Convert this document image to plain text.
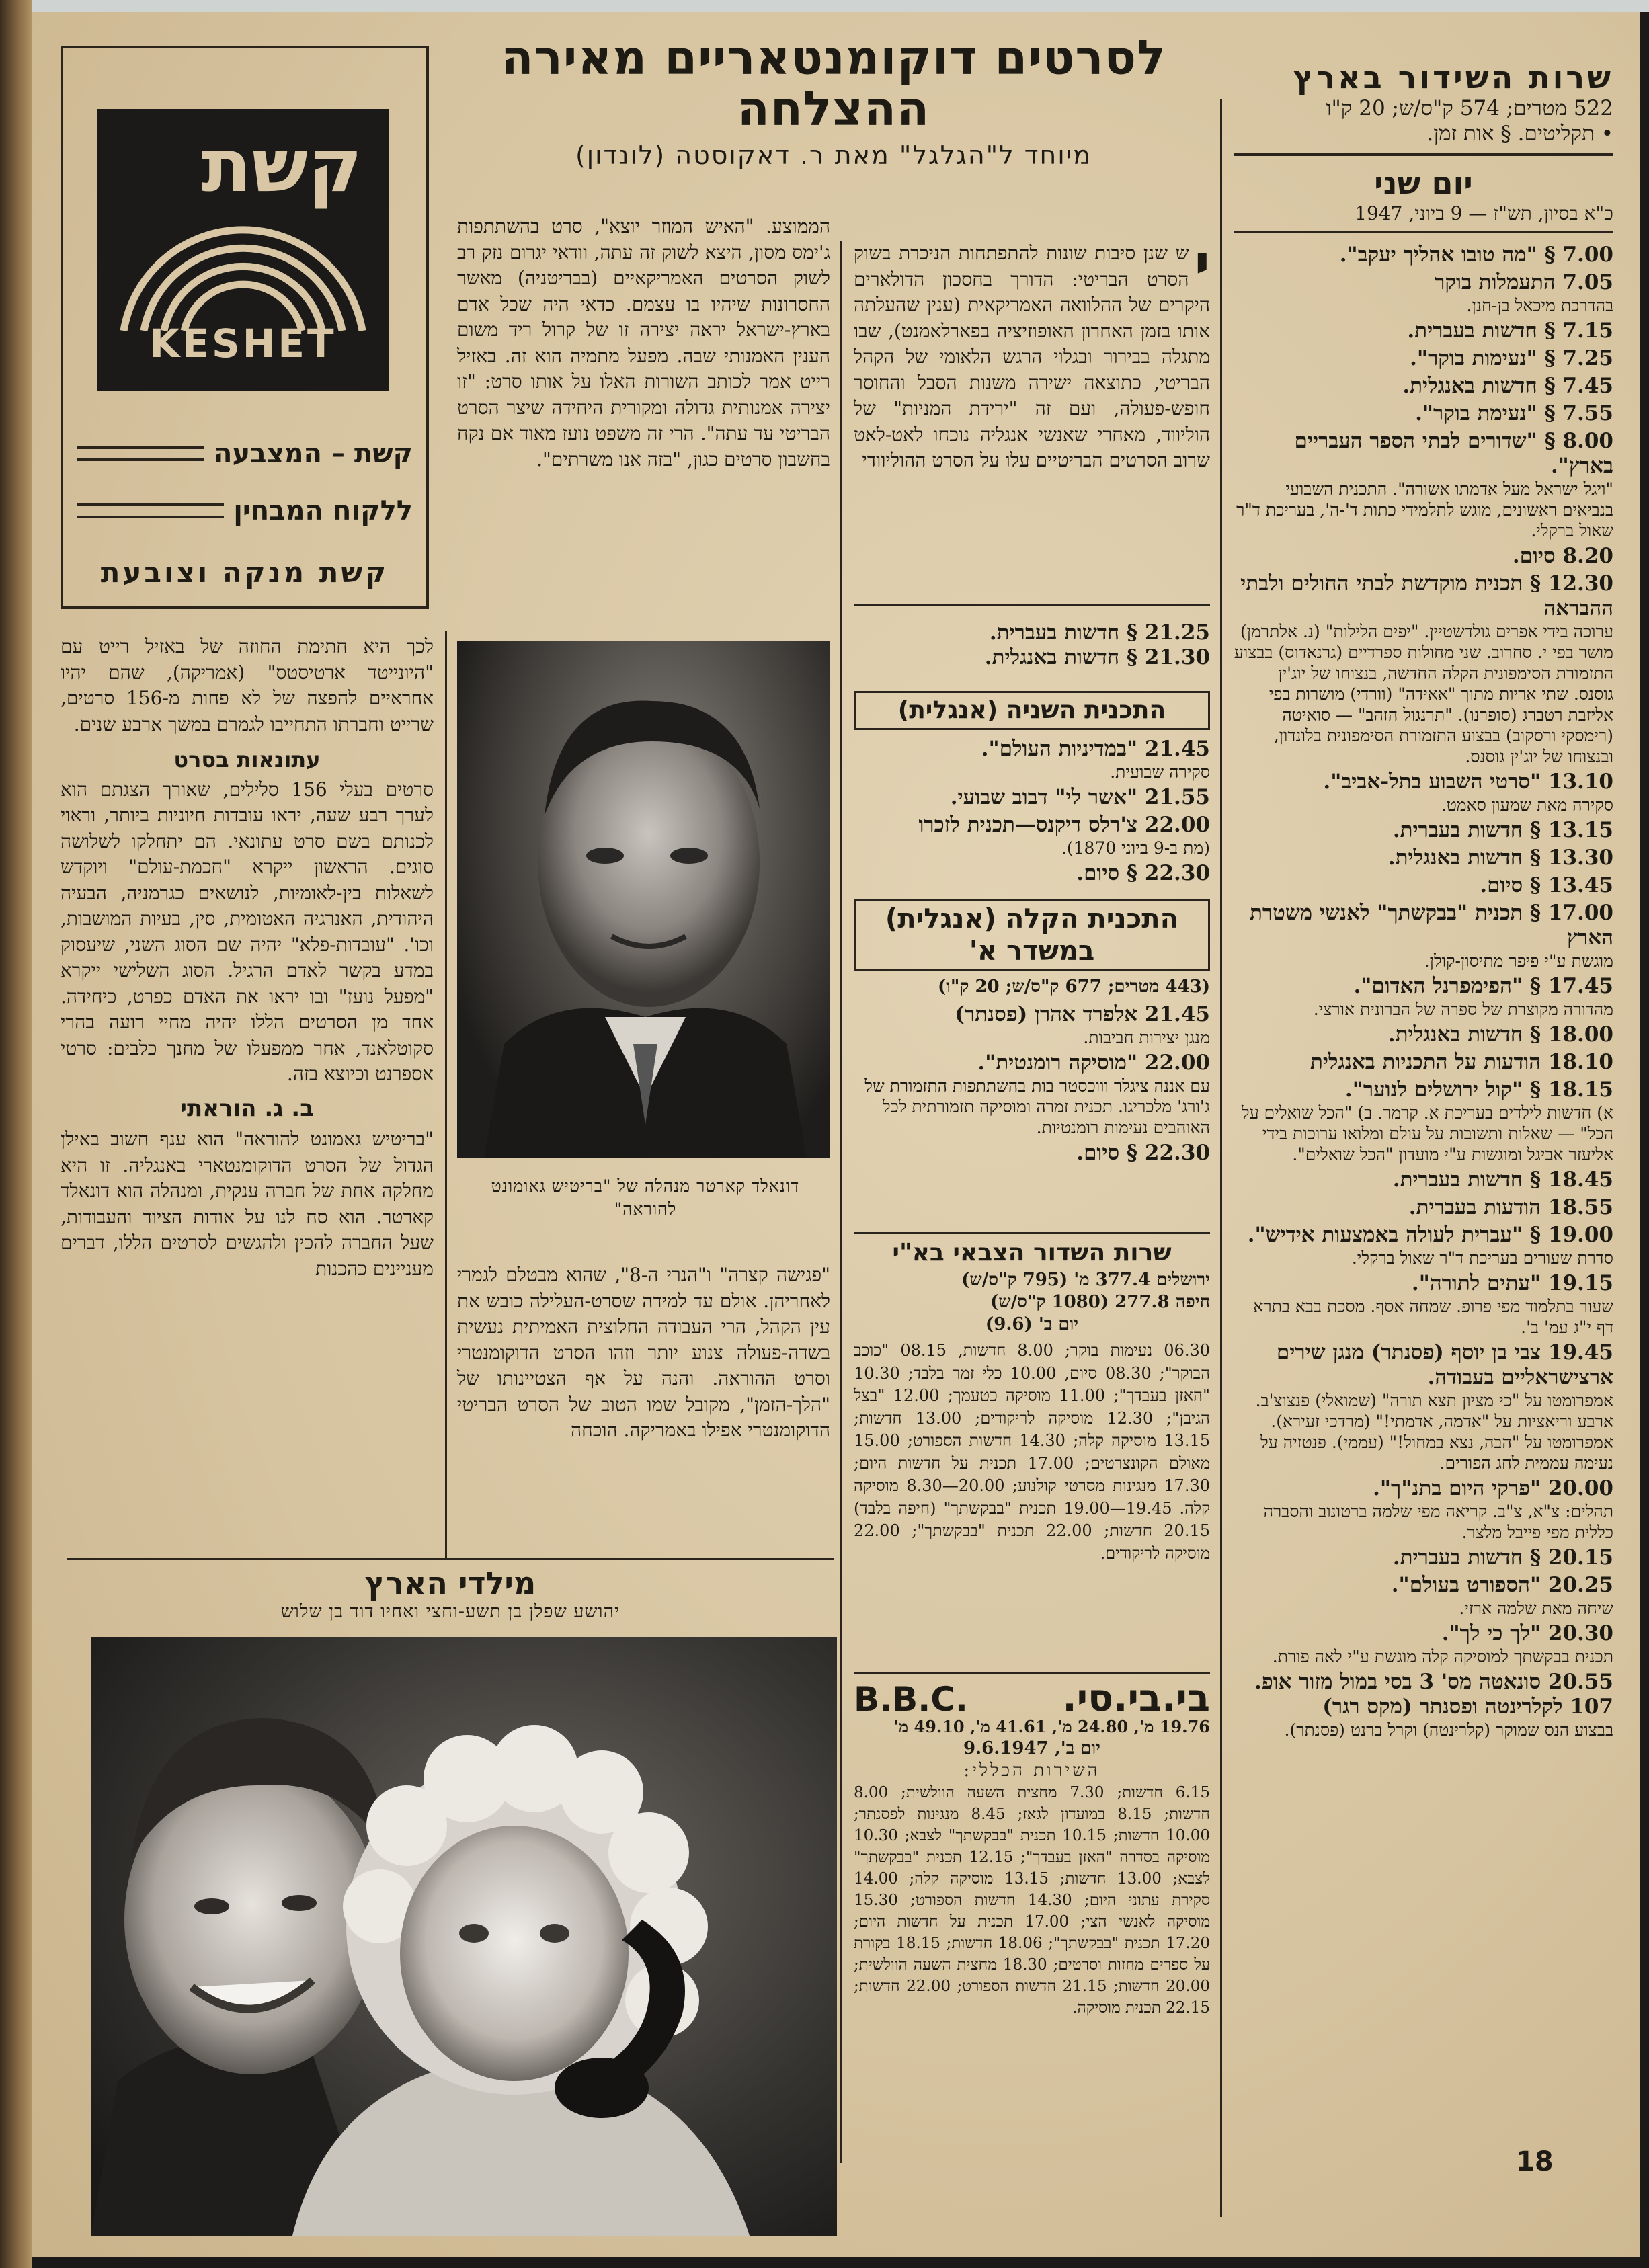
שרות השידור בארץ
522 מטרים; 574 ק"ס/ש; 20 ק"ו
• תקליטים. § אות זמן.
יום שני
כ"א בסיון, תש"ז — 9 ביוני, 1947
7.00 § "מה טובו אהליך יעקב".
7.05 התעמלות בוקר
בהדרכת מיכאל בן-חנן.
7.15 § חדשות בעברית.
7.25 § "נעימות בוקר".
7.45 § חדשות באנגלית.
7.55 § "נעימת בוקר".
8.00 § "שדורים לבתי הספר העבריים בארץ".
"ויגל ישראל מעל אדמתו אשורה". התכנית השבועי בנביאים ראשונים, מוגש לתלמידי כתות ד'-ה', בעריכת ד"ר שאול ברקלי.
8.20 סיום.
12.30 § תכנית מוקדשת לבתי החולים ולבתי ההבראה
ערוכה בידי אפרים גולדשטיין. "יפים הלילות" (נ. אלתרמן) מושר בפי י. סחרוב. שני מחולות ספרדיים (גרנאדוס) בבצוע התזמורת הסימפונית הקלה החדשה, בנצוחו של יוג'ין גוסנס. שתי אריות מתוך "אאידה" (וורדי) מושרות בפי אליזבת רטברג (סופרנו). "תרנגול הזהב" — סואיטה (רימסקי ורסקוב) בבצוע התזמורת הסימפונית בלונדון, ובנצוחו של יוג'ין גוסנס.
13.10 "סרטי השבוע בתל-אביב".
סקירה מאת שמעון סאמט.
13.15 § חדשות בעברית.
13.30 § חדשות באנגלית.
13.45 § סיום.
17.00 § תכנית "בבקשתך" לאנשי משטרת הארץ
מוגשת ע"י פיפר מתיסון-קולן.
17.45 § "הפימפרנל האדום".
מהדורה מקוצרת של ספרה של הברונית אורצי.
18.00 § חדשות באנגלית.
18.10 הודעות על התכניות באנגלית
18.15 § "קול ירושלים לנוער".
א) חדשות לילדים בעריכת א. קרמר. ב) "הכל שואלים על הכל" — שאלות ותשובות על עולם ומלואו ערוכות בידי אליעזר אביגל ומוגשות ע"י מועדון "הכל שואלים".
18.45 § חדשות בעברית.
18.55 הודעות בעברית.
19.00 § "עברית לעולה באמצעות אידיש".
סדרת שעורים בעריכת ד"ר שאול ברקלי.
19.15 "עתים לתורה".
שעור בתלמוד מפי פרופ. שמחה אסף. מסכת בבא בתרא דף י"ג עמ' ב'.
19.45 צבי בן יוסף (פסנתר) מנגן שירים ארצישראליים בעבודה.
אמפרומטו על "כי מציון תצא תורה" (שמואלי) פנצוצ'ב. ארבע וריאציות על "אדמה, אדמתי!" (מרדכי זעירא). אמפרומטו על "הבה, נצא במחול!" (עממי). פנטזיה על נעימה עממית לחג הפורים.
20.00 "פרקי היום בתנ"ך".
תהלים: צ"א, צ"ב. קריאה מפי שלמה ברטונוב והסברה כללית מפי פייבל מלצר.
20.15 § חדשות בעברית.
20.25 "הספורט בעולם".
שיחה מאת שלמה ארזי.
20.30 "לך כי לך".
תכנית בבקשתך למוסיקה קלה מוגשת ע"י לאה פורת.
20.55 סונאטה מס' 3 בסי במול מזור אופ. 107 לקלרינטה ופסנתר (מקס רגר)
בבצוע הנס שמוקר (קלרינטה) וקרל ברנט (פסנתר).
לסרטים דוקומנטאריים מאירה ההצלחה
מיוחד ל"הגלגל" מאת ר. דאקוסטה (לונדון)
י
ש שנן סיבות שונות להתפתחות הניכרת בשוק הסרט הבריטי: הדורך בחסכון הדולארים היקרים של ההלוואה האמריקאית (ענין שהעלתה אותו בזמן האחרון האופוזיציה בפארלאמנט), שבו מתגלה בבירור ובגלוי הרגש הלאומי של הקהל הבריטי, כתוצאה ישירה משנות הסבל והחוסר חופש-פעולה, ועם זה "ירידת המניות" של הוליווד, מאחרי שאנשי אנגליה נוכחו לאט-לאט שרוב הסרטים הבריטיים עלו על הסרט ההוליוודי
21.25 § חדשות בעברית.
21.30 § חדשות באנגלית.
התכנית השניה (אנגלית)
21.45 "במדיניות העולם".
סקירה שבועית.
21.55 "אשר לי" דבוב שבועי.
22.00 צ'רלס דיקנס—תכנית לזכרו
(מת ב-9 ביוני 1870).
22.30 § סיום.
התכנית הקלה (אנגלית) במשדר א'
(443 מטרים; 677 ק"ס/ש; 20 ק"ו)
21.45 אלפרד אהרן (פסנתר)
מנגן יצירות חביבות.
22.00 "מוסיקה רומנטית".
עם אננה ציגלר וווכסטר בות בהשתתפות התזמורת של ג'ורג' מלכריגו. תכנית זמרה ומוסיקה תזמורתית לכל האוהבים נעימות רומנטיות.
22.30 § סיום.
שרות השדור הצבאי בא"י
ירושלים 377.4 מ' (795 ק"ס/ש)
חיפה 277.8 (1080 ק"ס/ש)
יום ב' (9.6)
06.30 נעימות בוקר; 8.00 חדשות, 08.15 "כוכב הבוקר"; 08.30 סיום, 10.00 כלי זמר בלבד; 10.30 "האזן בעבדך"; 11.00 מוסיקה כטעמך; 12.00 "בצל הגיבן"; 12.30 מוסיקה לריקודים; 13.00 חדשות; 13.15 מוסיקה קלה; 14.30 חדשות הספורט; 15.00 מאולם הקונצרטים; 17.00 תכנית על חדשות היום; 17.30 מנגינות מסרטי קולנוע; 20.00—8.30 מוסיקה קלה. 19.45—19.00 תכנית "בבקשתך" (חיפה בלבד) 20.15 חדשות; 22.00 תכנית "בבקשתך"; 22.00 מוסיקה לריקודים.
בי.בי.סי.
B.B.C.
19.76 מ', 24.80 מ', 41.61 מ', 49.10 מ'
יום ב', 9.6.1947
השירות הכללי:
6.15 חדשות; 7.30 מחצית השעה הוולשית; 8.00 חדשות; 8.15 במועדון לגאז; 8.45 מנגינות לפסנתר; 10.00 חדשות; 10.15 תכנית "בבקשתך" לצבא; 10.30 מוסיקה בסדרה "האזן בעבדך"; 12.15 תכנית "בבקשתך" לצבא; 13.00 חדשות; 13.15 מוסיקה קלה; 14.00 סקירת עתוני היום; 14.30 חדשות הספורט; 15.30 מוסיקה לאנשי הצי; 17.00 תכנית על חדשות היום; 17.20 תכנית "בבקשתך"; 18.06 חדשות; 18.15 בקורת על ספרים מחזות וסרטים; 18.30 מחצית השעה הוולשית; 20.00 חדשות; 21.15 חדשות הספורט; 22.00 חדשות; 22.15 תכנית מוסיקה.
הממוצע. "האיש המוזר יוצא", סרט בהשתתפות ג'ימס מסון, היצא לשוק זה עתה, וודאי יגרום נזק רב לשוק הסרטים האמריקאיים (בבריטניה) מאשר החסרונות שיהיו בו עצמם. כדאי היה שכל אדם בארץ-ישראל יראה יצירה זו של קרול ריד משום הענין האמנותי שבה. מפעל מתמיה הוא זה. באזיל רייט אמר לכותב השורות האלו על אותו סרט: "זו יצירה אמנותית גדולה ומקורית היחידה שיצר הסרט הבריטי עד עתה". הרי זה משפט נועז מאוד אם נקח בחשבון סרטים כגון, "בזה אנו משרתים".
דונאלד קארטר מנהלה של "בריטיש גאומונט להוראה"
"פגישה קצרה" ו"הנרי ה-8", שהוא מבטלם לגמרי לאחריהן. אולם עד למידה שסרט-העלילה כובש את עין הקהל, הרי העבודה החלוצית האמיתית נעשית בשדה-פעולה צנוע יותר וזהו הסרט הדוקומנטרי וסרט ההוראה. והנה על אף הצטיינותו של "הלך-הזמן", מקובל שמו הטוב של הסרט הבריטי הדוקומנטרי אפילו באמריקה. הוכחה
קשת
KESHET
קשת – המצבעה
ללקוח המבחין
קשת מנקה וצובעת
לכך היא חתימת החוזה של באזיל רייט עם "היונייטד ארטיסטס" (אמריקה), שהם יהיו אחראיים להפצה של לא פחות מ-156 סרטים, שרייט וחברתו התחייבו לגמרם במשך ארבע שנים.
עתונאות בסרט
סרטים בעלי 156 סלילים, שאורך הצגתם הוא לערך רבע שעה, יראו עובדות חיוניות ביותר, וראוי לכנותם בשם סרט עתונאי. הם יתחלקו לשלושה סוגים. הראשון ייקרא "חכמת-עולם" ויוקדש לשאלות בין-לאומיות, לנושאים כגרמניה, הבעיה היהודית, האנרגיה האטומית, סין, בעיות המושבות, וכו'. "עובדות-פלא" יהיה שם הסוג השני, שיעסוק במדע בקשר לאדם הרגיל. הסוג השלישי ייקרא "מפעל נועז" ובו יראו את האדם כפרט, כיחידה. אחד מן הסרטים הללו יהיה מחיי רועה בהרי סקוטלאנד, אחר ממפעלו של מחנך כלבים: סרטי אספרנט וכיוצא בזה.
ב. ג. הוראתי
"בריטיש גאמונט להוראה" הוא ענף חשוב באילן הגדול של הסרט הדוקומנטארי באנגליה. זו היא מחלקה אחת של חברה ענקית, ומנהלה הוא דונאלד קארטר. הוא סח לנו על אודות הציוד והעבודות, שעל החברה להכין ולהגשים לסרטים הללו, דברים מעניינים כהכנות
מילדי הארץ
יהושע שפלן בן תשע-וחצי ואחיו דוד בן שלוש
18
